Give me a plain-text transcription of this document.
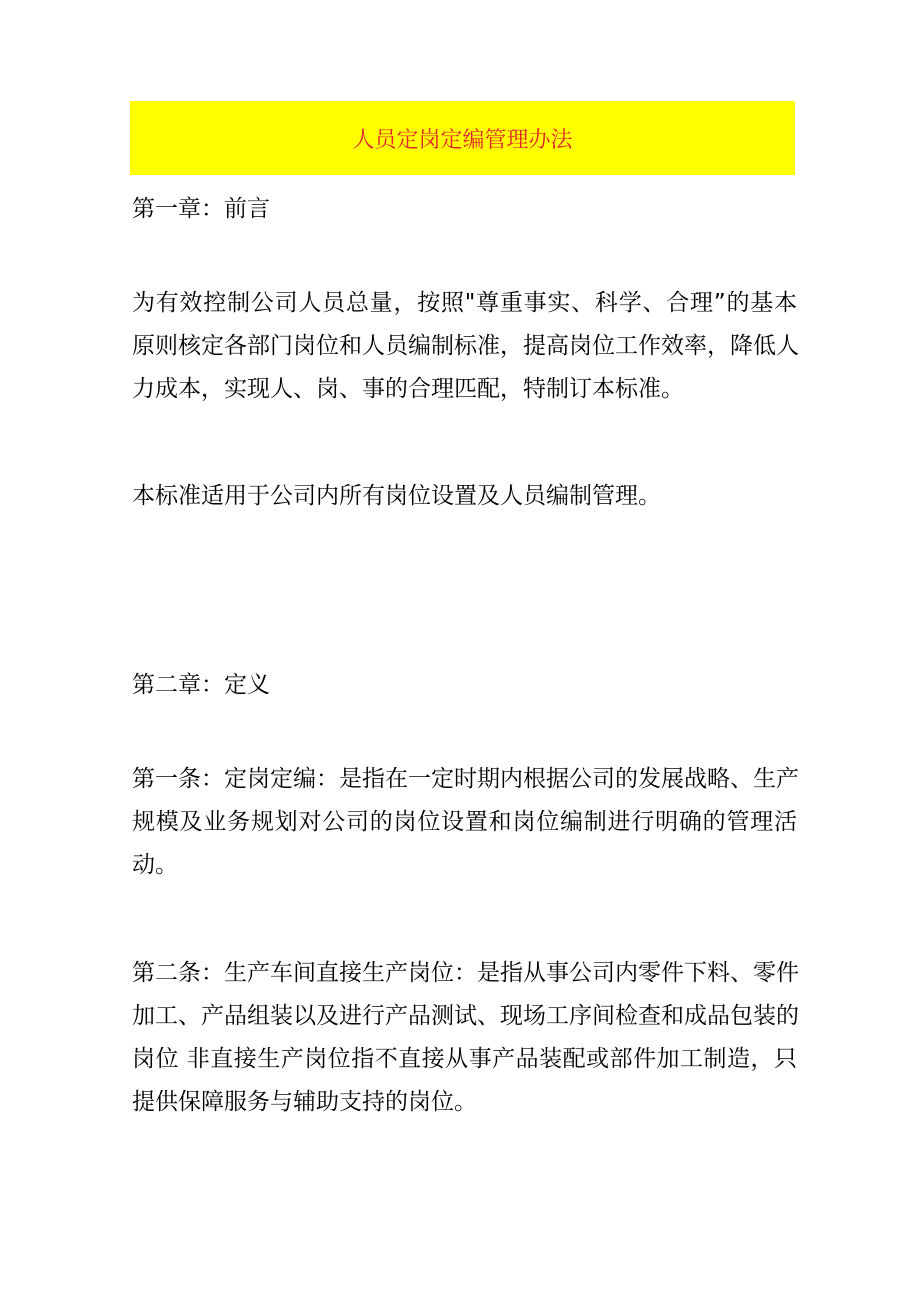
人员定岗定编管理办法
第一章：前言
为有效控制公司人员总量，按照"尊重事实、科学、合理”的基本
原则核定各部门岗位和人员编制标准，提高岗位工作效率，降低人
力成本，实现人、岗、事的合理匹配，特制订本标准。
本标准适用于公司内所有岗位设置及人员编制管理。
第二章：定义
第一条：定岗定编：是指在一定时期内根据公司的发展战略、生产
规模及业务规划对公司的岗位设置和岗位编制进行明确的管理活
动。
第二条：生产车间直接生产岗位：是指从事公司内零件下料、零件
加工、产品组装以及进行产品测试、现场工序间检查和成品包装的
岗位 非直接生产岗位指不直接从事产品装配或部件加工制造，只
提供保障服务与辅助支持的岗位。
